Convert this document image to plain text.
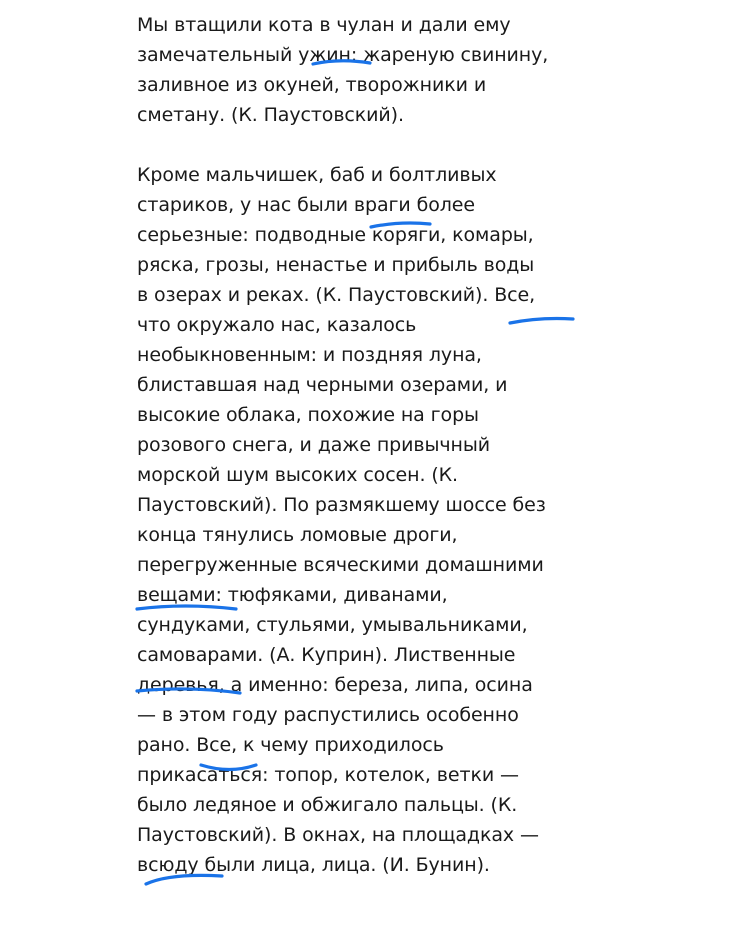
Мы втащили кота в чулан и дали ему
замечательный ужин: жареную свинину,
заливное из окуней, творожники и
сметану. (К. Паустовский).
Кроме мальчишек, баб и болтливых
стариков, у нас были враги более
серьезные: подводные коряги, комары,
ряска, грозы, ненастье и прибыль воды
в озерах и реках. (К. Паустовский). Все,
что окружало нас, казалось
необыкновенным: и поздняя луна,
блиставшая над черными озерами, и
высокие облака, похожие на горы
розового снега, и даже привычный
морской шум высоких сосен. (К.
Паустовский). По размякшему шоссе без
конца тянулись ломовые дроги,
перегруженные всяческими домашними
вещами: тюфяками, диванами,
сундуками, стульями, умывальниками,
самоварами. (А. Куприн). Лиственные
деревья, а именно: береза, липа, осина
— в этом году распустились особенно
рано. Все, к чему приходилось
прикасаться: топор, котелок, ветки —
было ледяное и обжигало пальцы. (К.
Паустовский). В окнах, на площадках —
всюду были лица, лица. (И. Бунин).
